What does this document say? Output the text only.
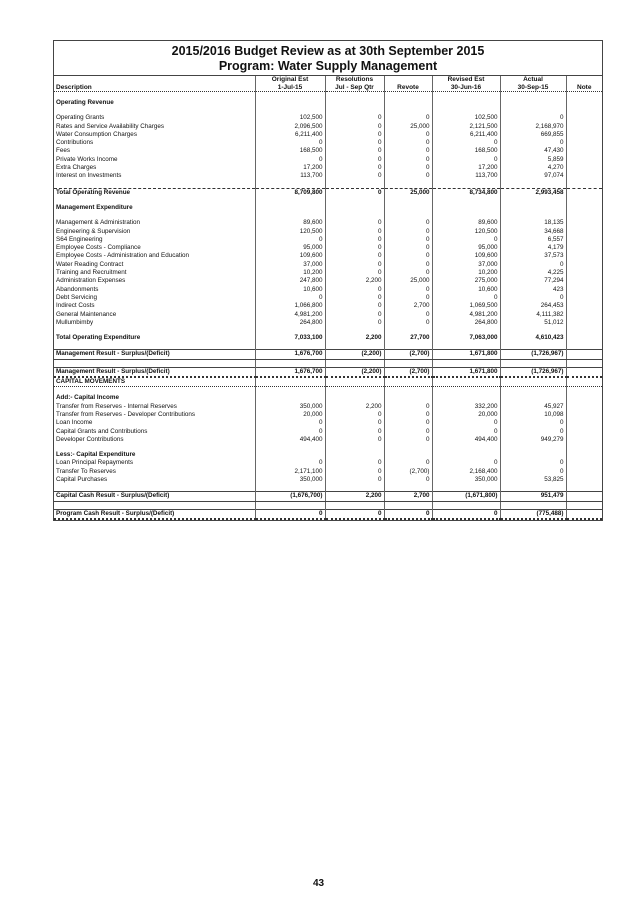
2015/2016 Budget Review as at 30th September 2015
Program: Water Supply Management
	Original Est	Resolutions		Revised Est	Actual	
Description	1-Jul-15	Jul - Sep Qtr	Revote	30-Jun-16	30-Sep-15	Note

Operating Revenue						

Operating Grants	102,500	0	0	102,500	0	
Rates and Service Availability Charges	2,096,500	0	25,000	2,121,500	2,168,970	
Water Consumption Charges	6,211,400	0	0	6,211,400	669,855	
Contributions	0	0	0	0	0	
Fees	168,500	0	0	168,500	47,430	
Private Works Income	0	0	0	0	5,859	
Extra Charges	17,200	0	0	17,200	4,270	
Interest on Investments	113,700	0	0	113,700	97,074	

Total Operating Revenue	8,709,800	0	25,000	8,734,800	2,993,458	

Management Expenditure						

Management & Administration	89,600	0	0	89,600	18,135	
Engineering & Supervision	120,500	0	0	120,500	34,668	
S64 Engineering	0	0	0	0	6,557	
Employee Costs - Compliance	95,000	0	0	95,000	4,179	
Employee Costs - Administration and Education	109,600	0	0	109,600	37,573	
Water Reading Contract	37,000	0	0	37,000	0	
Training and Recruitment	10,200	0	0	10,200	4,225	
Administration Expenses	247,800	2,200	25,000	275,000	77,294	
Abandonments	10,600	0	0	10,600	423	
Debt Servicing	0	0	0	0	0	
Indirect Costs	1,066,800	0	2,700	1,069,500	264,453	
General Maintenance	4,981,200	0	0	4,981,200	4,111,382	
Mullumbimby	264,800	0	0	264,800	51,012	

Total Operating Expenditure	7,033,100	2,200	27,700	7,063,000	4,610,423	

Management Result - Surplus/(Deficit)	1,676,700	(2,200)	(2,700)	1,671,800	(1,726,967)	

Management Result - Surplus/(Deficit)	1,676,700	(2,200)	(2,700)	1,671,800	(1,726,967)	
CAPITAL MOVEMENTS						

Add:- Capital Income						
Transfer from Reserves - Internal Reserves	350,000	2,200	0	332,200	45,927	
Transfer from Reserves - Developer Contributions	20,000	0	0	20,000	10,098	
Loan Income	0	0	0	0	0	
Capital Grants and Contributions	0	0	0	0	0	
Developer Contributions	494,400	0	0	494,400	949,279	

Less:- Capital Expenditure						
Loan Principal Repayments	0	0	0	0	0	
Transfer To Reserves	2,171,100	0	(2,700)	2,168,400	0	
Capital Purchases	350,000	0	0	350,000	53,825	

Capital Cash Result - Surplus/(Deficit)	(1,676,700)	2,200	2,700	(1,671,800)	951,479	

Program Cash Result - Surplus/(Deficit)	0	0	0	0	(775,488)	
43
